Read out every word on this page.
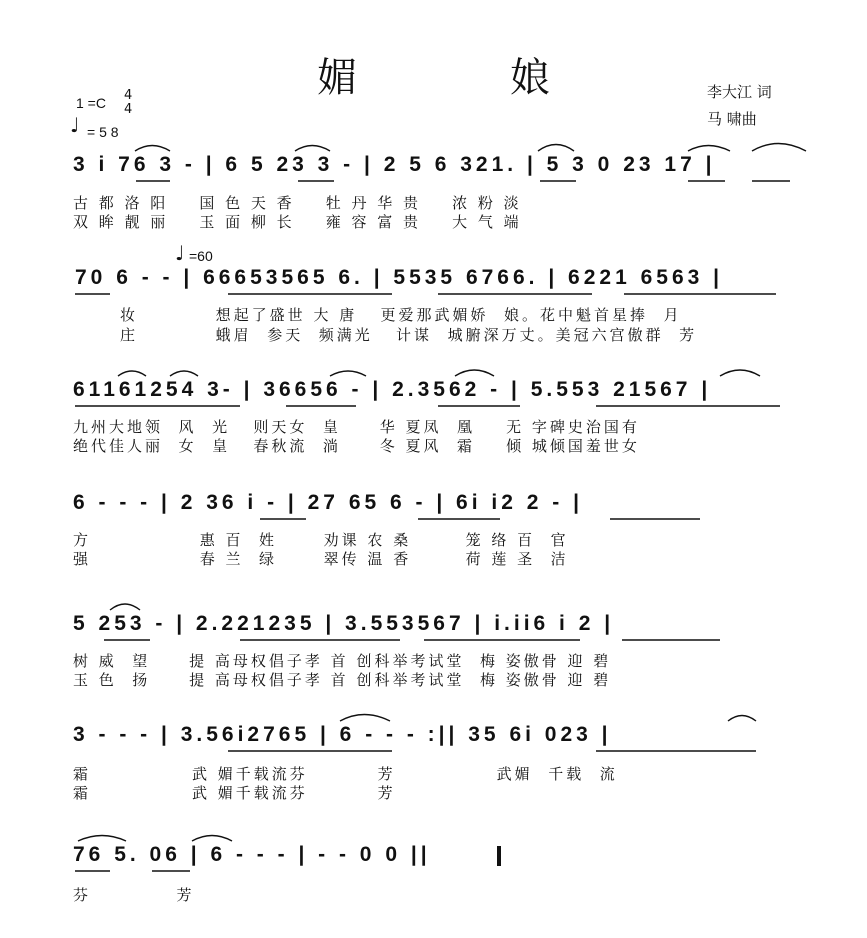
媚 娘	李大江 词
马 啸曲
1 =C 4
4
♩ = 5 8
♩ =60
3 i 76 3 - | 6 5 23 3 - | 2 5 6 321. | 5 3 0 23 17 |
古 都 洛 阳    国 色 天 香    牡 丹 华 贵    浓 粉 淡
双 眸 靓 丽    玉 面 柳 长    雍 容 富 贵    大 气 端
70 6 - - | 66653565 6. | 5535 6766. | 6221 6563 |
妆          想起了盛世 大 唐   更爱那武媚娇  娘。花中魁首星捧  月
庄          蛾眉  参天  频满光   计谋  城腑深万丈。美冠六宫傲群  芳
61161254 3- | 36656 - | 2.3562 - | 5.553 21567 |
九州大地领  风  光   则天女  皇     华 夏凤  凰    无 字碑史治国有
绝代佳人丽  女  皇   春秋流  淌     冬 夏风  霜    倾 城倾国羞世女
6 - - - | 2 36 i - | 27 65 6 - | 6i i2 2 - |
方              惠 百  姓      劝课 农 桑       笼 络 百  官
强              春 兰  绿      翠传 温 香       荷 莲 圣  洁
5 253 - | 2.221235 | 3.553567 | i.ii6 i 2 |
树 威  望     提 高母权倡子孝 首 创科举考试堂  梅 姿傲骨 迎 碧
玉 色  扬     提 高母权倡子孝 首 创科举考试堂  梅 姿傲骨 迎 碧
3 - - - | 3.56i2765 | 6 - - - :|| 35 6i 023 |
霜             武 媚千载流芬         芳             武媚  千载  流
霜             武 媚千载流芬         芳
76 5. 06 | 6 - - - | - - 0 0 ||
芬           芳
